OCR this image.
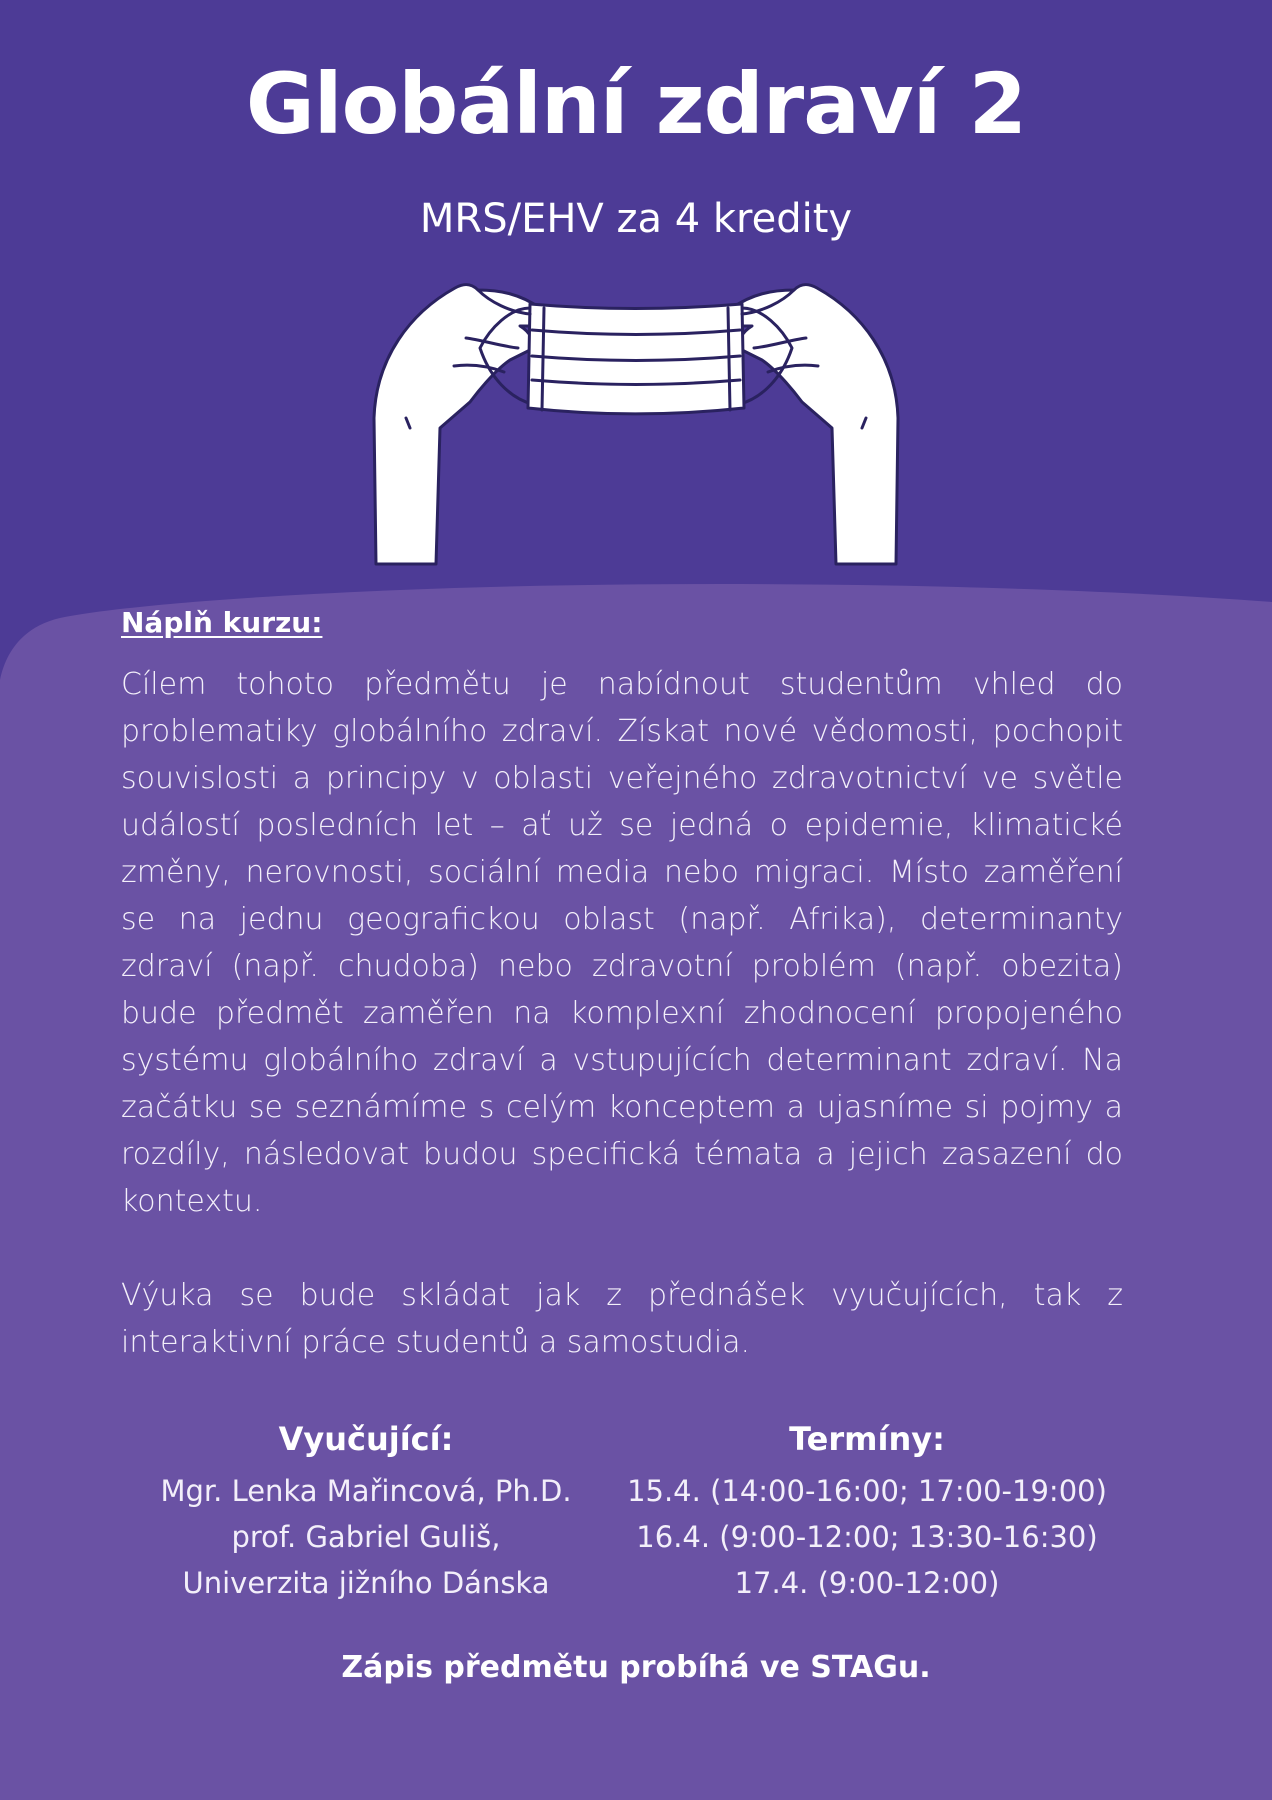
Globální zdraví 2

MRS/EHV za 4 kredity

Náplň kurzu:

Cílem tohoto předmětu je nabídnout studentům vhled do problematiky globálního zdraví. Získat nové vědomosti, pochopit souvislosti a principy v oblasti veřejného zdravotnictví ve světle událostí posledních let – ať už se jedná o epidemie, klimatické změny, nerovnosti, sociální media nebo migraci. Místo zaměření se na jednu geografickou oblast (např. Afrika), determinanty zdraví (např. chudoba) nebo zdravotní problém (např. obezita) bude předmět zaměřen na komplexní zhodnocení propojeného systému globálního zdraví a vstupujících determinant zdraví. Na začátku se seznámíme s celým konceptem a ujasníme si pojmy a rozdíly, následovat budou specifická témata a jejich zasazení do kontextu.

Výuka se bude skládat jak z přednášek vyučujících, tak z interaktivní práce studentů a samostudia.

Vyučující:
Mgr. Lenka Mařincová, Ph.D.
prof. Gabriel Guliš,
Univerzita jižního Dánska
Termíny:
15.4. (14:00-16:00; 17:00-19:00)
16.4. (9:00-12:00; 13:30-16:30)
17.4. (9:00-12:00)

Zápis předmětu probíhá ve STAGu.
